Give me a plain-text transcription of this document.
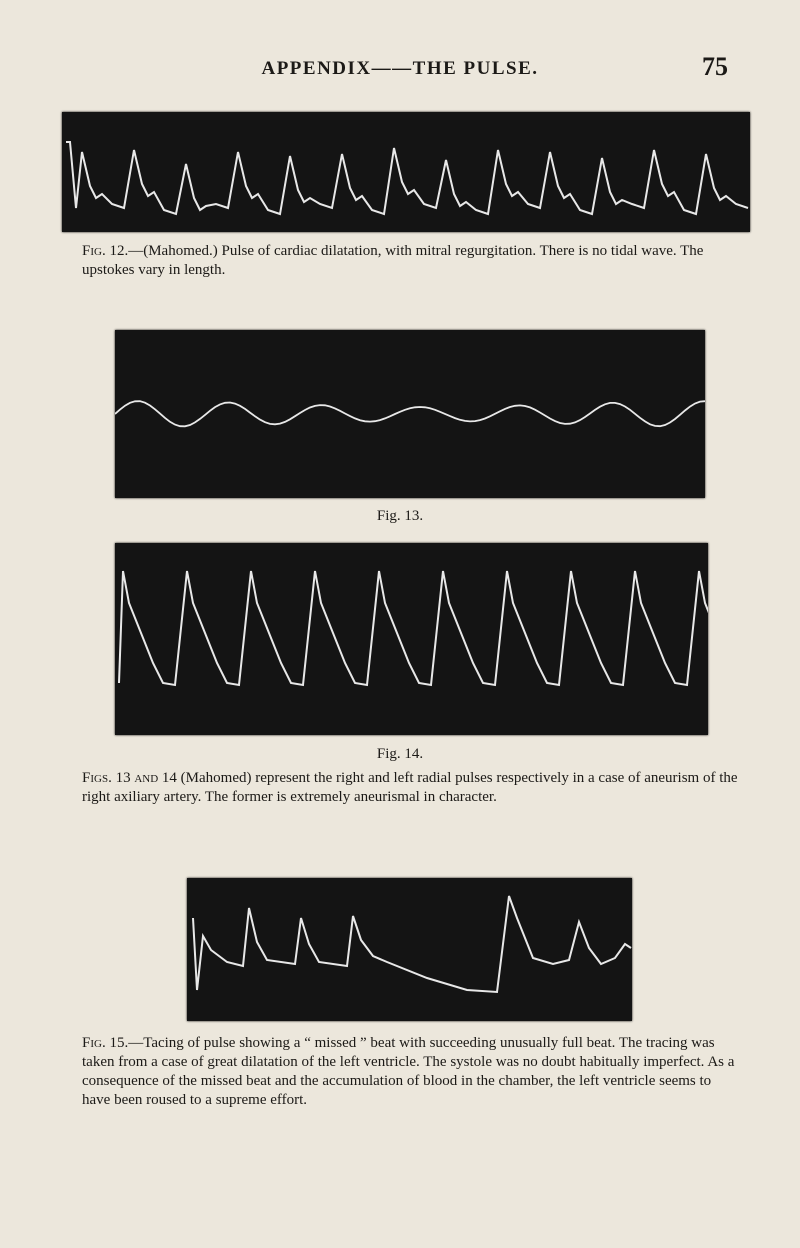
APPENDIX——THE PULSE.	75
Fig. 12.—(Mahomed.) Pulse of cardiac dilatation, with mitral regurgitation. There is no tidal wave. The upstokes vary in length.
Fig. 13.
Fig. 14.
Figs. 13 and 14 (Mahomed) represent the right and left radial pulses respectively in a case of aneurism of the right axiliary artery. The former is extremely aneurismal in character.
Fig. 15.—Tacing of pulse showing a “ missed ” beat with succeeding unusually full beat. The tracing was taken from a case of great dilatation of the left ventricle. The systole was no doubt habitually imperfect. As a consequence of the missed beat and the accumulation of blood in the chamber, the left ventricle seems to have been roused to a supreme effort.
